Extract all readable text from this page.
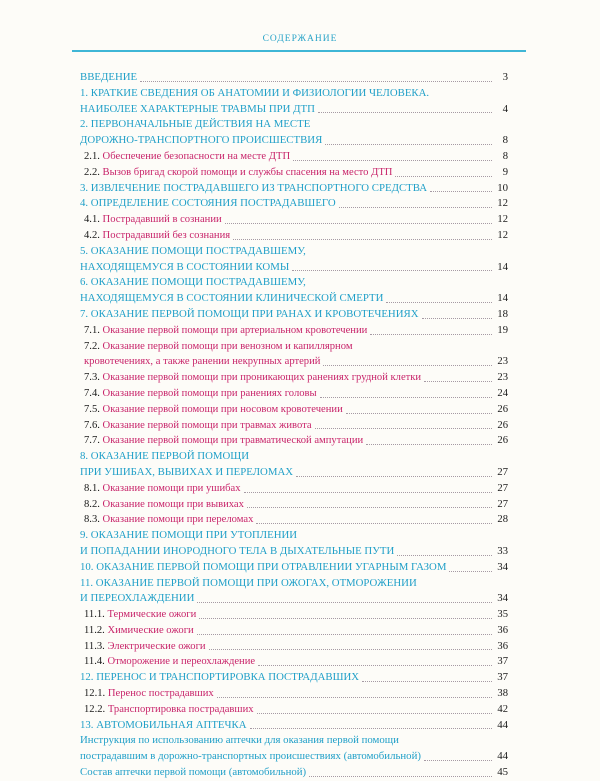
СОДЕРЖАНИЕ
ВВЕДЕНИЕ	3
1. КРАТКИЕ СВЕДЕНИЯ ОБ АНАТОМИИ И ФИЗИОЛОГИИ ЧЕЛОВЕКА.
НАИБОЛЕЕ ХАРАКТЕРНЫЕ ТРАВМЫ ПРИ ДТП	4
2. ПЕРВОНАЧАЛЬНЫЕ ДЕЙСТВИЯ НА МЕСТЕ
ДОРОЖНО-ТРАНСПОРТНОГО ПРОИСШЕСТВИЯ	8
2.1. Обеспечение безопасности на месте ДТП	8
2.2. Вызов бригад скорой помощи и службы спасения на место ДТП	9
3. ИЗВЛЕЧЕНИЕ ПОСТРАДАВШЕГО ИЗ ТРАНСПОРТНОГО СРЕДСТВА	10
4. ОПРЕДЕЛЕНИЕ СОСТОЯНИЯ ПОСТРАДАВШЕГО	12
4.1. Пострадавший в сознании	12
4.2. Пострадавший без сознания	12
5. ОКАЗАНИЕ ПОМОЩИ ПОСТРАДАВШЕМУ,
НАХОДЯЩЕМУСЯ В СОСТОЯНИИ КОМЫ	14
6. ОКАЗАНИЕ ПОМОЩИ ПОСТРАДАВШЕМУ,
НАХОДЯЩЕМУСЯ В СОСТОЯНИИ КЛИНИЧЕСКОЙ СМЕРТИ	14
7. ОКАЗАНИЕ ПЕРВОЙ ПОМОЩИ ПРИ РАНАХ И КРОВОТЕЧЕНИЯХ	18
7.1. Оказание первой помощи при артериальном кровотечении	19
7.2. Оказание первой помощи при венозном и капиллярном
кровотечениях, а также ранении некрупных артерий	23
7.3. Оказание первой помощи при проникающих ранениях грудной клетки	23
7.4. Оказание первой помощи при ранениях головы	24
7.5. Оказание первой помощи при носовом кровотечении	26
7.6. Оказание первой помощи при травмах живота	26
7.7. Оказание первой помощи при травматической ампутации	26
8. ОКАЗАНИЕ ПЕРВОЙ ПОМОЩИ
ПРИ УШИБАХ, ВЫВИХАХ И ПЕРЕЛОМАХ	27
8.1. Оказание помощи при ушибах	27
8.2. Оказание помощи при вывихах	27
8.3. Оказание помощи при переломах	28
9. ОКАЗАНИЕ ПОМОЩИ ПРИ УТОПЛЕНИИ
И ПОПАДАНИИ ИНОРОДНОГО ТЕЛА В ДЫХАТЕЛЬНЫЕ ПУТИ	33
10. ОКАЗАНИЕ ПЕРВОЙ ПОМОЩИ ПРИ ОТРАВЛЕНИИ УГАРНЫМ ГАЗОМ	34
11. ОКАЗАНИЕ ПЕРВОЙ ПОМОЩИ ПРИ ОЖОГАХ, ОТМОРОЖЕНИИ
И ПЕРЕОХЛАЖДЕНИИ	34
11.1. Термические ожоги	35
11.2. Химические ожоги	36
11.3. Электрические ожоги	36
11.4. Отморожение и переохлаждение	37
12. ПЕРЕНОС И ТРАНСПОРТИРОВКА ПОСТРАДАВШИХ	37
12.1. Перенос пострадавших	38
12.2. Транспортировка пострадавших	42
13. АВТОМОБИЛЬНАЯ АПТЕЧКА	44
Инструкция по использованию аптечки для оказания первой помощи
пострадавшим в дорожно-транспортных происшествиях (автомобильной)	44
Состав аптечки первой помощи (автомобильной)	45
